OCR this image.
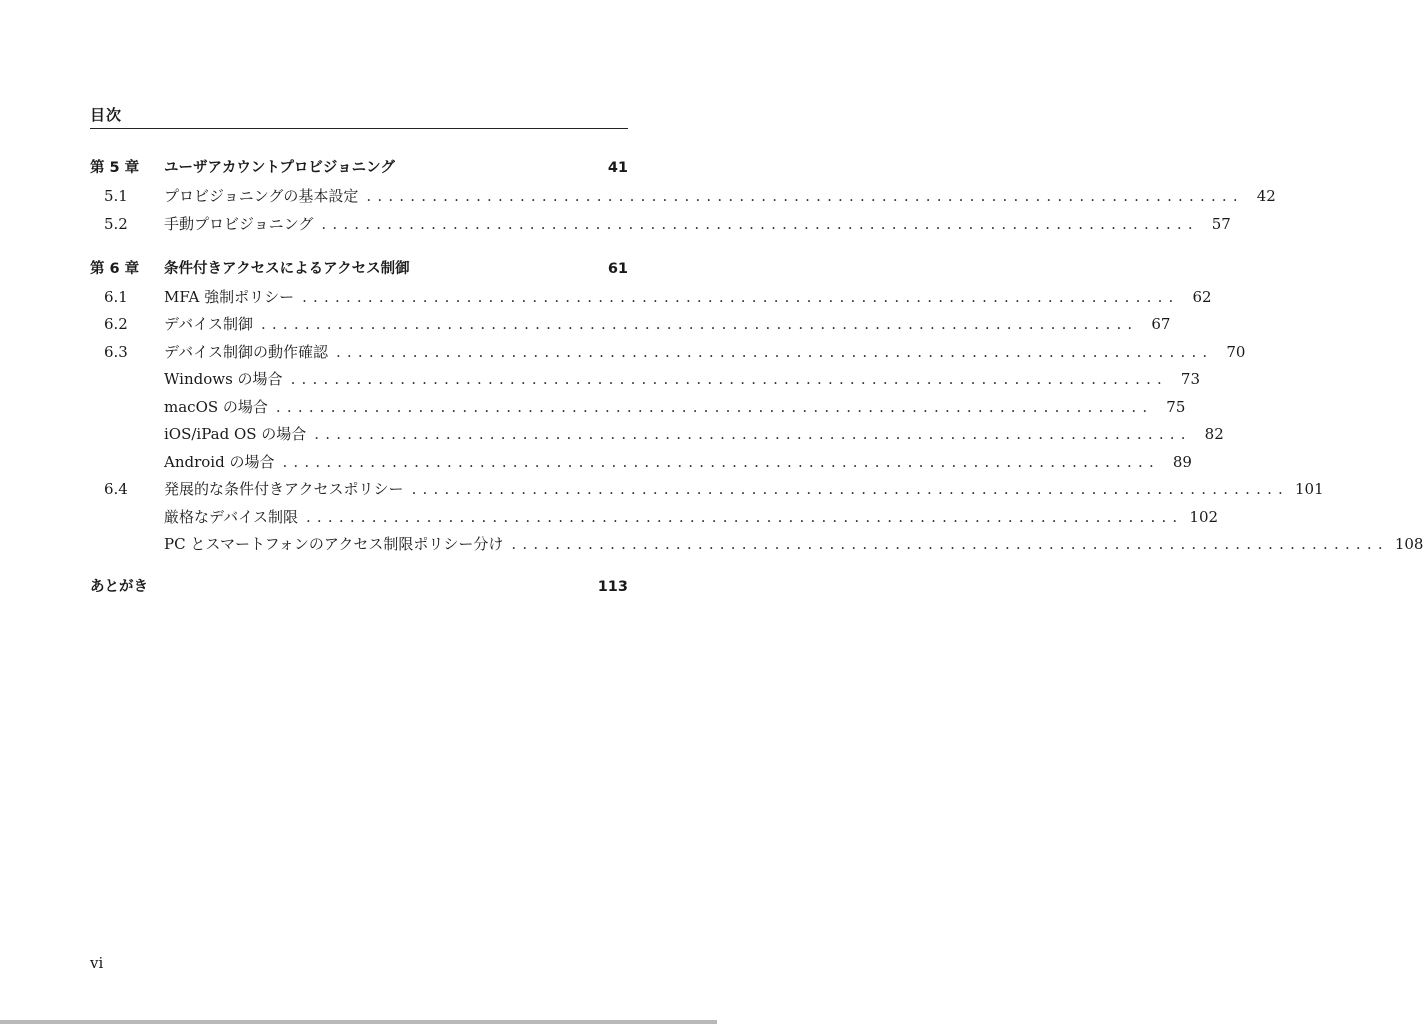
目次
第 5 章	ユーザアカウントプロビジョニング	41
5.1	プロビジョニングの基本設定 ................................................................................ 42
5.2	手動プロビジョニング ................................................................................ 57
第 6 章	条件付きアクセスによるアクセス制御	61
6.1	MFA 強制ポリシー ................................................................................ 62
6.2	デバイス制御 ................................................................................ 67
6.3	デバイス制御の動作確認 ................................................................................ 70
Windows の場合 ................................................................................ 73
macOS の場合 ................................................................................ 75
iOS/iPad OS の場合 ................................................................................ 82
Android の場合 ................................................................................ 89
6.4	発展的な条件付きアクセスポリシー ................................................................................ 101
厳格なデバイス制限 ................................................................................ 102
PC とスマートフォンのアクセス制限ポリシー分け ................................................................................ 108
あとがき	113
vi
